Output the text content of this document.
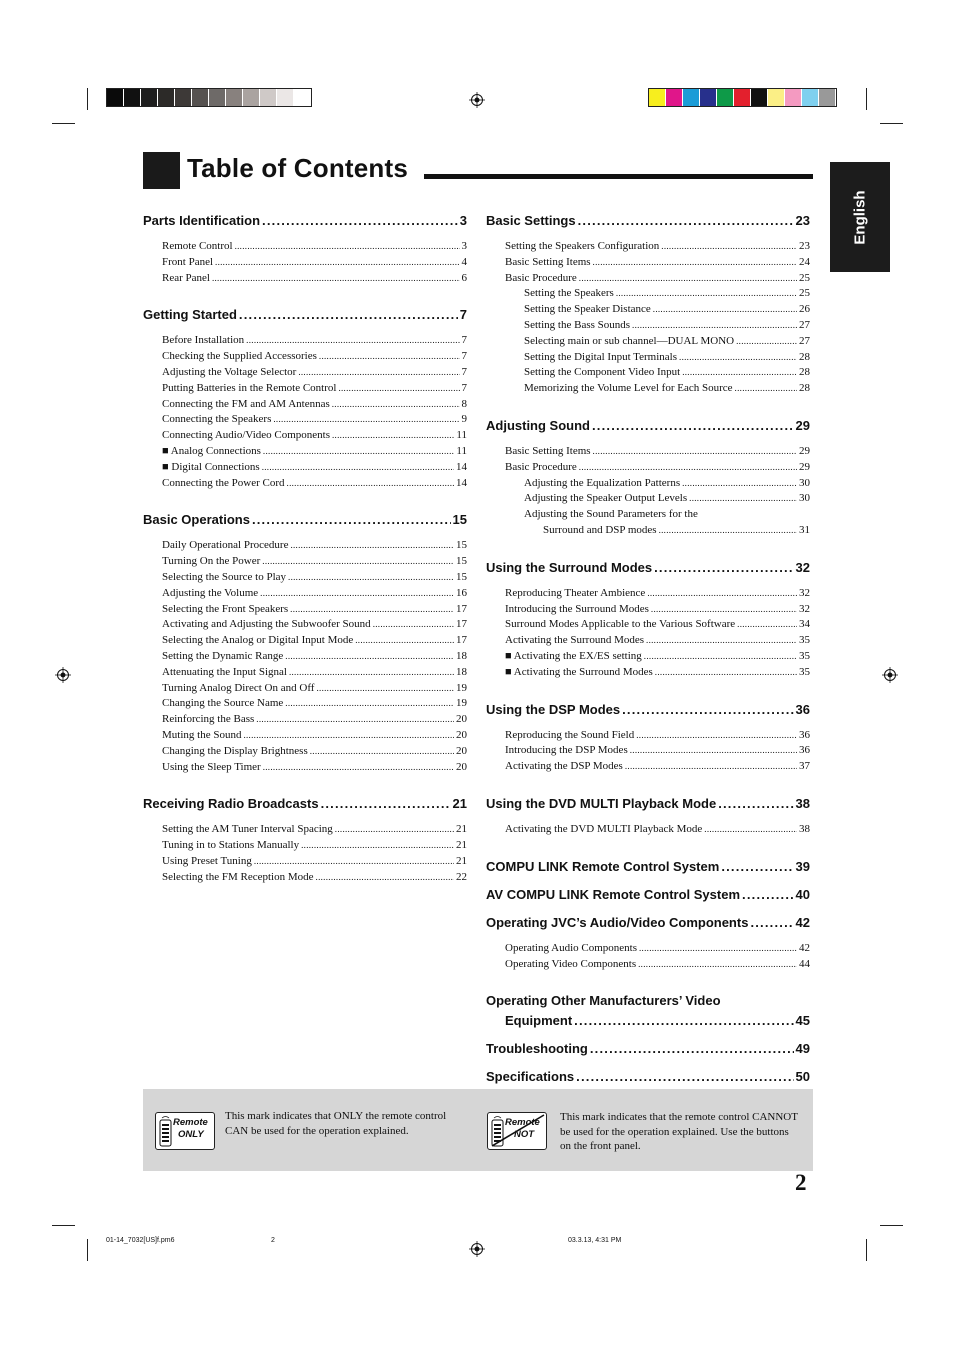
Table of Contents
English
Parts Identification .....	3
Remote Control .....	3
Front Panel .....	4
Rear Panel .....	6
Getting Started .....	7
Before Installation .....	7
Checking the Supplied Accessories .....	7
Adjusting the Voltage Selector .....	7
Putting Batteries in the Remote Control .....	7
Connecting the FM and AM Antennas .....	8
Connecting the Speakers .....	9
Connecting Audio/Video Components .....	11
■ Analog Connections .....	11
■ Digital Connections .....	14
Connecting the Power Cord .....	14
Basic Operations .....	15
Daily Operational Procedure .....	15
Turning On the Power .....	15
Selecting the Source to Play .....	15
Adjusting the Volume .....	16
Selecting the Front Speakers .....	17
Activating and Adjusting the Subwoofer Sound .....	17
Selecting the Analog or Digital Input Mode .....	17
Setting the Dynamic Range .....	18
Attenuating the Input Signal .....	18
Turning Analog Direct On and Off .....	19
Changing the Source Name .....	19
Reinforcing the Bass .....	20
Muting the Sound .....	20
Changing the Display Brightness .....	20
Using the Sleep Timer .....	20
Receiving Radio Broadcasts .....	21
Setting the AM Tuner Interval Spacing .....	21
Tuning in to Stations Manually .....	21
Using Preset Tuning .....	21
Selecting the FM Reception Mode .....	22
Basic Settings .....	23
Setting the Speakers Configuration .....	23
Basic Setting Items .....	24
Basic Procedure .....	25
Setting the Speakers .....	25
Setting the Speaker Distance .....	26
Setting the Bass Sounds .....	27
Selecting main or sub channel—DUAL MONO .....	27
Setting the Digital Input Terminals .....	28
Setting the Component Video Input .....	28
Memorizing the Volume Level for Each Source .....	28
Adjusting Sound .....	29
Basic Setting Items .....	29
Basic Procedure .....	29
Adjusting the Equalization Patterns .....	30
Adjusting the Speaker Output Levels .....	30
Adjusting the Sound Parameters for the
Surround and DSP modes .....	31
Using the Surround Modes .....	32
Reproducing Theater Ambience .....	32
Introducing the Surround Modes .....	32
Surround Modes Applicable to the Various Software .....	34
Activating the Surround Modes .....	35
■ Activating the EX/ES setting .....	35
■ Activating the Surround Modes .....	35
Using the DSP Modes .....	36
Reproducing the Sound Field .....	36
Introducing the DSP Modes .....	36
Activating the DSP Modes .....	37
Using the DVD MULTI Playback Mode .....	38
Activating the DVD MULTI Playback Mode .....	38
COMPU LINK Remote Control System .....	39
AV COMPU LINK Remote Control System .....	40
Operating JVC’s Audio/Video Components .....	42
Operating Audio Components .....	42
Operating Video Components .....	44
Operating Other Manufacturers’ Video
Equipment .....	45
Troubleshooting .....	49
Specifications .....	50
Remote
ONLY
This mark indicates that ONLY the remote control CAN be used for the operation explained.
Remote
NOT
This mark indicates that the remote control CANNOT be used for the operation explained. Use the buttons on the front panel.
2
01-14_7032[US]f.pm6	2	03.3.13, 4:31 PM
